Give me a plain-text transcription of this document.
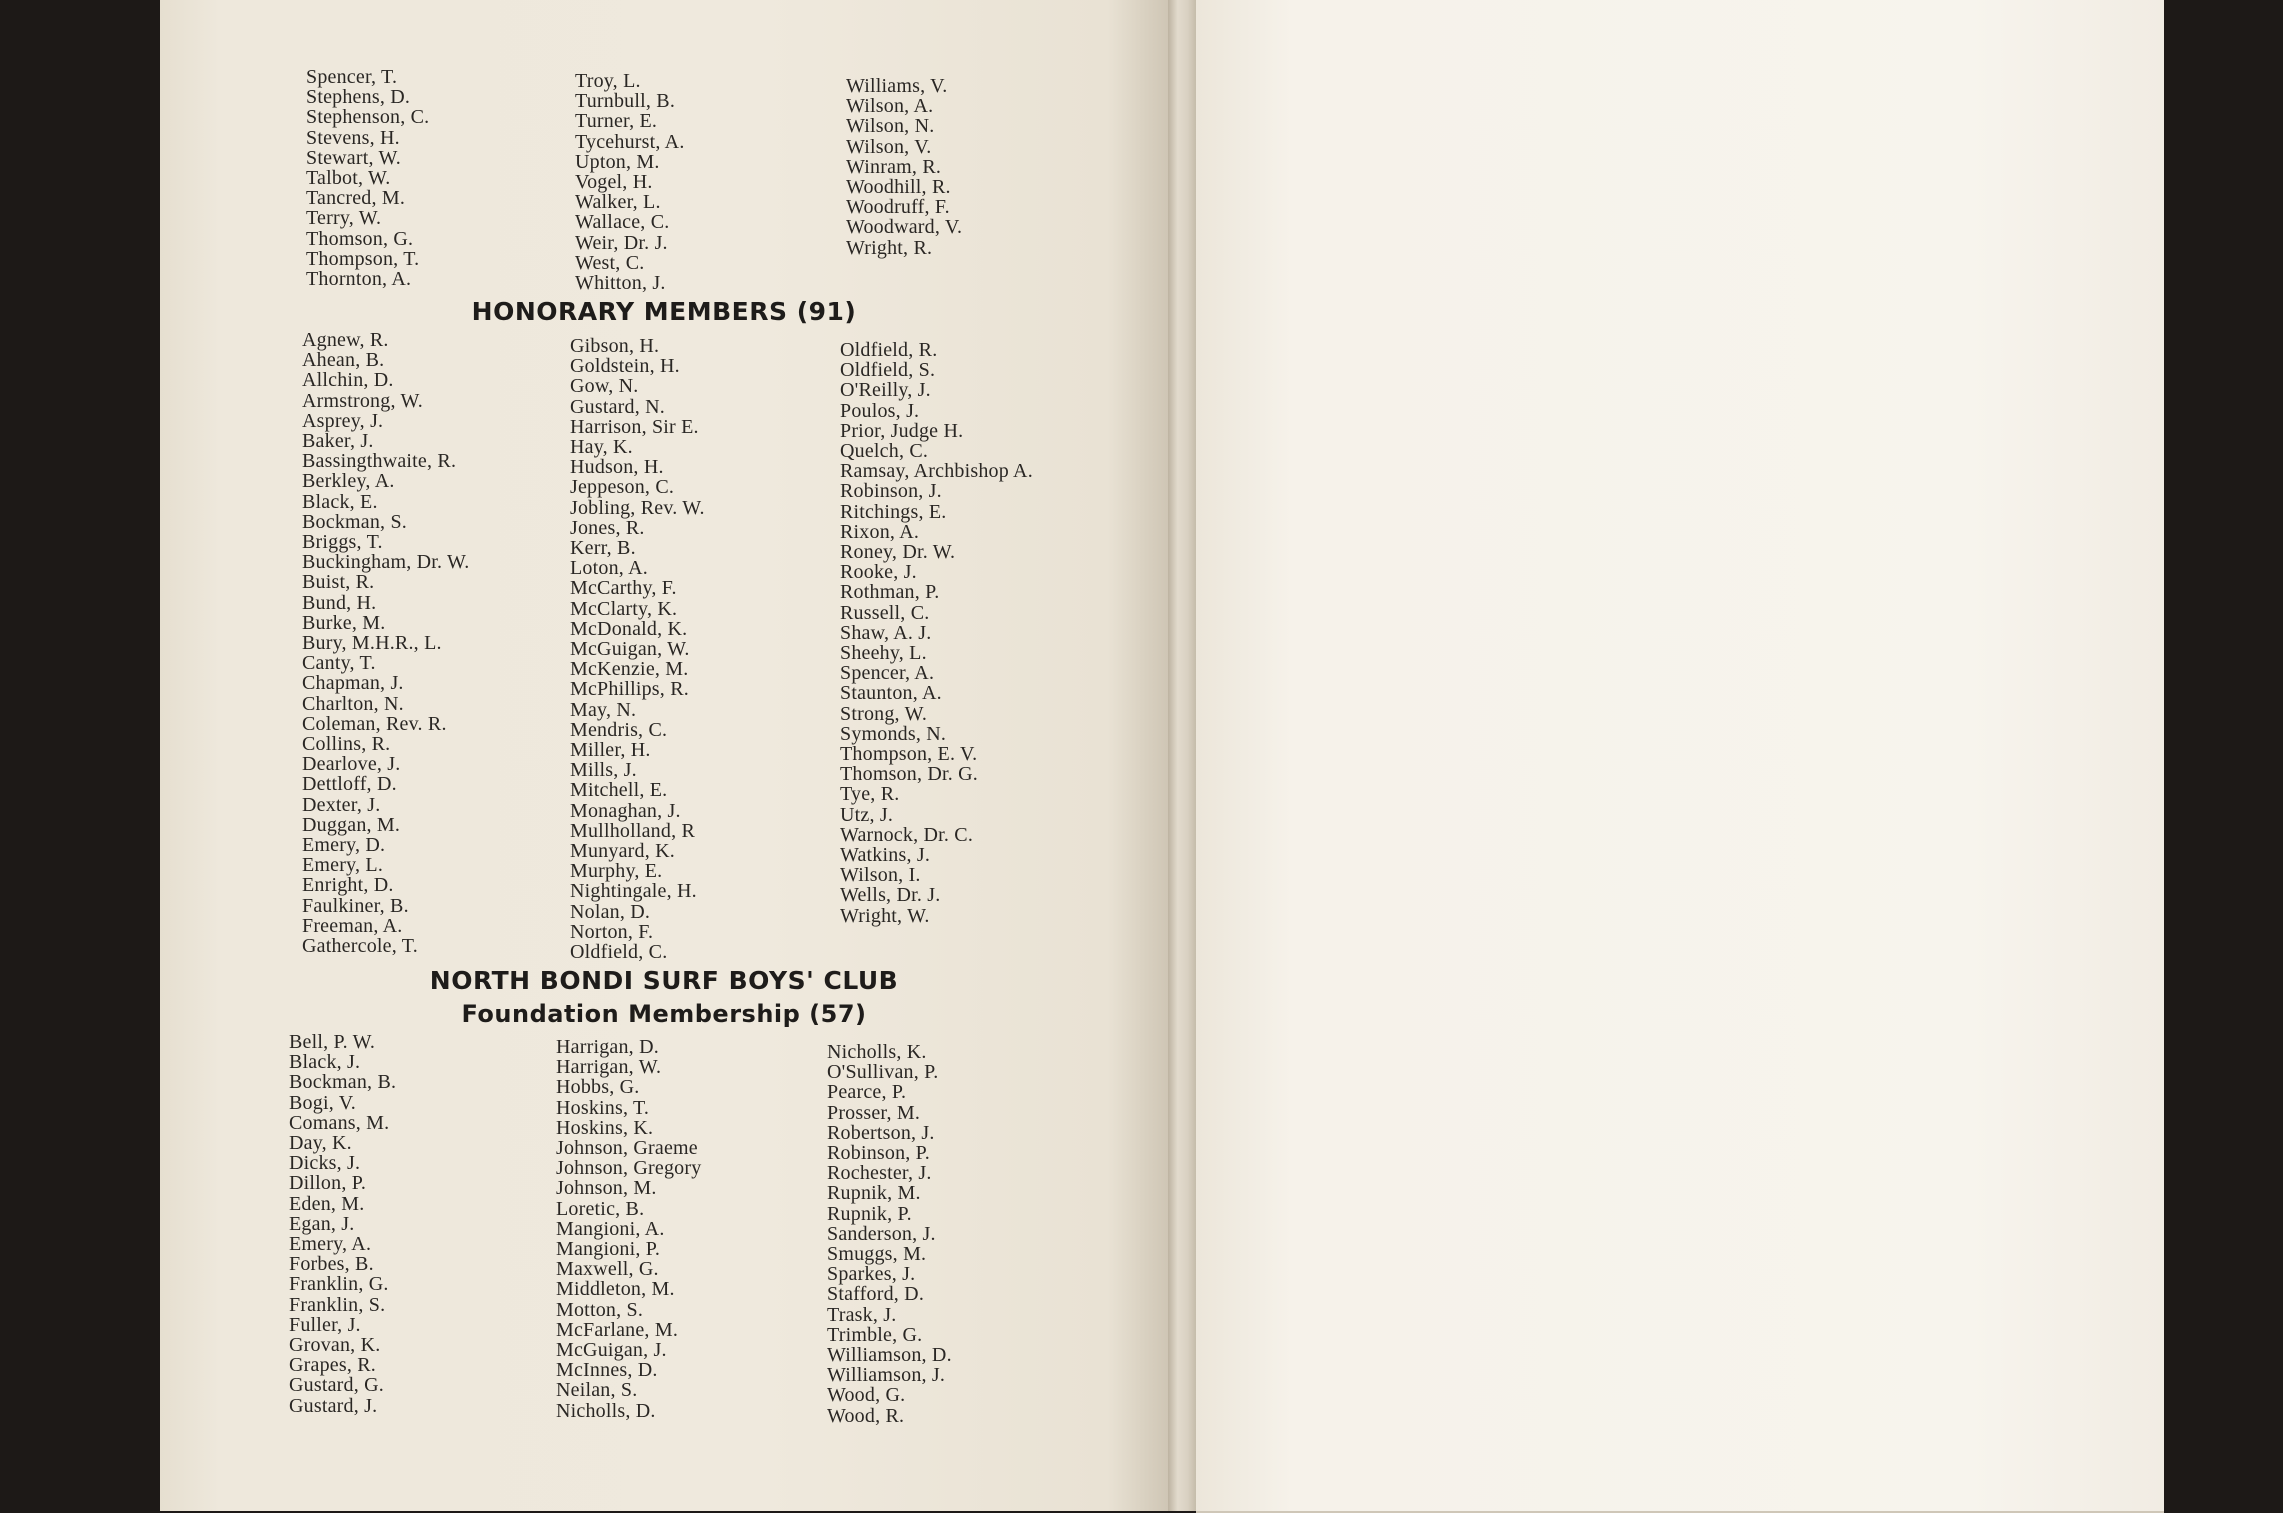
Spencer, T.
Stephens, D.
Stephenson, C.
Stevens, H.
Stewart, W.
Talbot, W.
Tancred, M.
Terry, W.
Thomson, G.
Thompson, T.
Thornton, A.
Troy, L.
Turnbull, B.
Turner, E.
Tycehurst, A.
Upton, M.
Vogel, H.
Walker, L.
Wallace, C.
Weir, Dr. J.
West, C.
Whitton, J.
Williams, V.
Wilson, A.
Wilson, N.
Wilson, V.
Winram, R.
Woodhill, R.
Woodruff, F.
Woodward, V.
Wright, R.
HONORARY MEMBERS (91)
Agnew, R.
Ahean, B.
Allchin, D.
Armstrong, W.
Asprey, J.
Baker, J.
Bassingthwaite, R.
Berkley, A.
Black, E.
Bockman, S.
Briggs, T.
Buckingham, Dr. W.
Buist, R.
Bund, H.
Burke, M.
Bury, M.H.R., L.
Canty, T.
Chapman, J.
Charlton, N.
Coleman, Rev. R.
Collins, R.
Dearlove, J.
Dettloff, D.
Dexter, J.
Duggan, M.
Emery, D.
Emery, L.
Enright, D.
Faulkiner, B.
Freeman, A.
Gathercole, T.
Gibson, H.
Goldstein, H.
Gow, N.
Gustard, N.
Harrison, Sir E.
Hay, K.
Hudson, H.
Jeppeson, C.
Jobling, Rev. W.
Jones, R.
Kerr, B.
Loton, A.
McCarthy, F.
McClarty, K.
McDonald, K.
McGuigan, W.
McKenzie, M.
McPhillips, R.
May, N.
Mendris, C.
Miller, H.
Mills, J.
Mitchell, E.
Monaghan, J.
Mullholland, R
Munyard, K.
Murphy, E.
Nightingale, H.
Nolan, D.
Norton, F.
Oldfield, C.
Oldfield, R.
Oldfield, S.
O'Reilly, J.
Poulos, J.
Prior, Judge H.
Quelch, C.
Ramsay, Archbishop A.
Robinson, J.
Ritchings, E.
Rixon, A.
Roney, Dr. W.
Rooke, J.
Rothman, P.
Russell, C.
Shaw, A. J.
Sheehy, L.
Spencer, A.
Staunton, A.
Strong, W.
Symonds, N.
Thompson, E. V.
Thomson, Dr. G.
Tye, R.
Utz, J.
Warnock, Dr. C.
Watkins, J.
Wilson, I.
Wells, Dr. J.
Wright, W.
NORTH BONDI SURF BOYS' CLUB
Foundation Membership (57)
Bell, P. W.
Black, J.
Bockman, B.
Bogi, V.
Comans, M.
Day, K.
Dicks, J.
Dillon, P.
Eden, M.
Egan, J.
Emery, A.
Forbes, B.
Franklin, G.
Franklin, S.
Fuller, J.
Grovan, K.
Grapes, R.
Gustard, G.
Gustard, J.
Harrigan, D.
Harrigan, W.
Hobbs, G.
Hoskins, T.
Hoskins, K.
Johnson, Graeme
Johnson, Gregory
Johnson, M.
Loretic, B.
Mangioni, A.
Mangioni, P.
Maxwell, G.
Middleton, M.
Motton, S.
McFarlane, M.
McGuigan, J.
McInnes, D.
Neilan, S.
Nicholls, D.
Nicholls, K.
O'Sullivan, P.
Pearce, P.
Prosser, M.
Robertson, J.
Robinson, P.
Rochester, J.
Rupnik, M.
Rupnik, P.
Sanderson, J.
Smuggs, M.
Sparkes, J.
Stafford, D.
Trask, J.
Trimble, G.
Williamson, D.
Williamson, J.
Wood, G.
Wood, R.
